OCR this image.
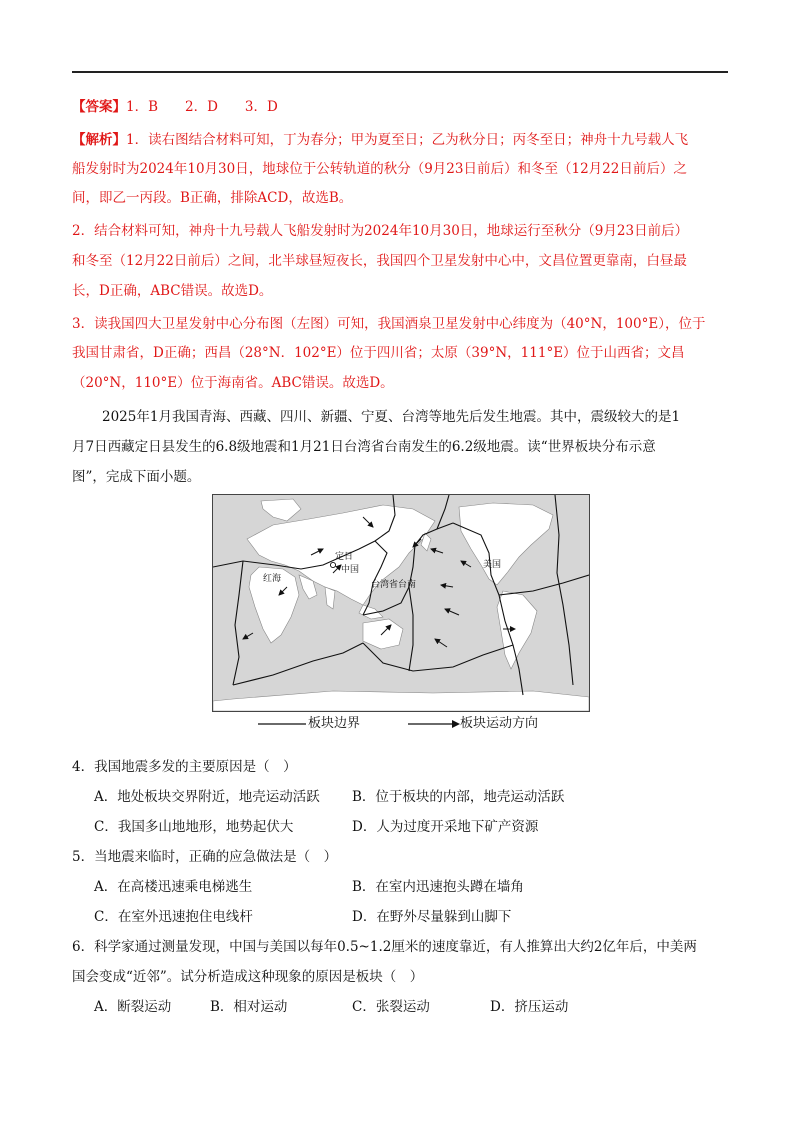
【答案】1．B　　2．D　　3．D
【解析】1．读右图结合材料可知，丁为春分；甲为夏至日；乙为秋分日；丙冬至日；神舟十九号载人飞
船发射时为2024年10月30日，地球位于公转轨道的秋分（9月23日前后）和冬至（12月22日前后）之
间，即乙一丙段。B正确，排除ACD，故选B。
2．结合材料可知，神舟十九号载人飞船发射时为2024年10月30日，地球运行至秋分（9月23日前后）
和冬至（12月22日前后）之间，北半球昼短夜长，我国四个卫星发射中心中，文昌位置更靠南，白昼最
长，D正确，ABC错误。故选D。
3．读我国四大卫星发射中心分布图（左图）可知，我国酒泉卫星发射中心纬度为（40°N，100°E），位于
我国甘肃省，D正确；西昌（28°N．102°E）位于四川省；太原（39°N，111°E）位于山西省；文昌
（20°N，110°E）位于海南省。ABC错误。故选D。
2025年1月我国青海、西藏、四川、新疆、宁夏、台湾等地先后发生地震。其中，震级较大的是1
月7日西藏定日县发生的6.8级地震和1月21日台湾省台南发生的6.2级地震。读“世界板块分布示意
图”，完成下面小题。
定日
中国
红海
台湾省台南
美国
板块边界	板块运动方向
4．我国地震多发的主要原因是（　）
A．地处板块交界附近，地壳运动活跃 B．位于板块的内部，地壳运动活跃
C．我国多山地地形，地势起伏大	D．人为过度开采地下矿产资源
5．当地震来临时，正确的应急做法是（　）
A．在高楼迅速乘电梯逃生	B．在室内迅速抱头蹲在墙角
C．在室外迅速抱住电线杆	D．在野外尽量躲到山脚下
6．科学家通过测量发现，中国与美国以每年0.5~1.2厘米的速度靠近，有人推算出大约2亿年后，中美两
国会变成“近邻”。试分析造成这种现象的原因是板块（　）
A．断裂运动	B．相对运动	C．张裂运动	D．挤压运动
